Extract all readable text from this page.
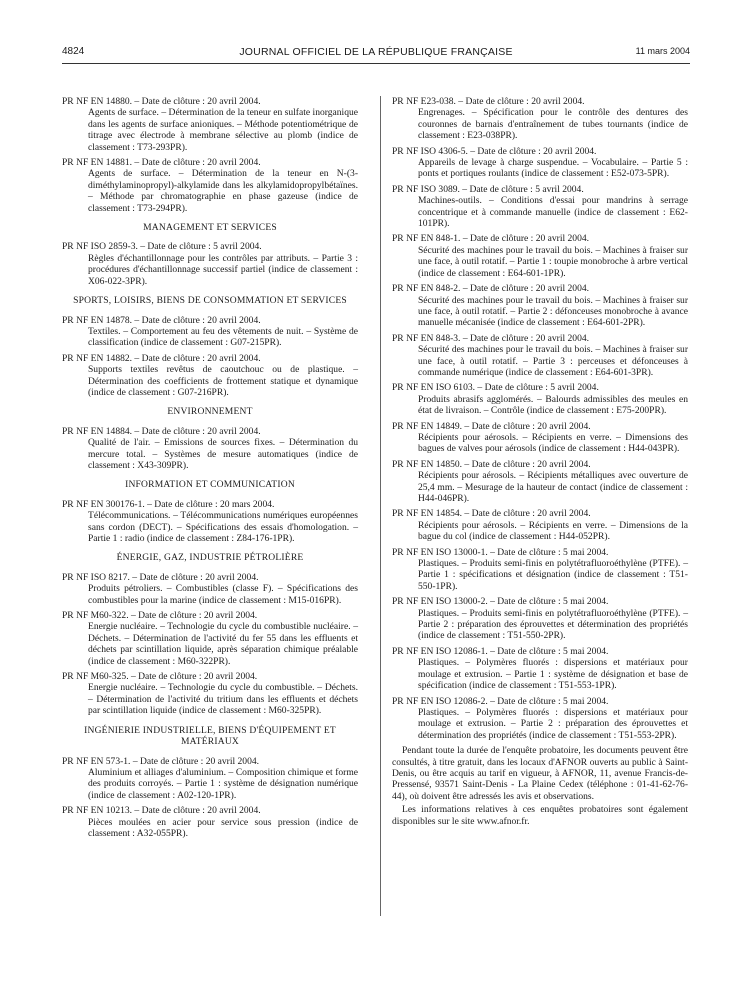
4824	JOURNAL OFFICIEL DE LA RÉPUBLIQUE FRANÇAISE	11 mars 2004
PR NF EN 14880. – Date de clôture : 20 avril 2004.
Agents de surface. – Détermination de la teneur en sulfate inorganique dans les agents de surface anioniques. – Méthode potentiométrique de titrage avec électrode à membrane sélective au plomb (indice de classement : T73-293PR).
PR NF EN 14881. – Date de clôture : 20 avril 2004.
Agents de surface. – Détermination de la teneur en N-(3-diméthylaminopropyl)-alkylamide dans les alkylamidopropylbétaïnes. – Méthode par chromatographie en phase gazeuse (indice de classement : T73-294PR).
MANAGEMENT ET SERVICES
PR NF ISO 2859-3. – Date de clôture : 5 avril 2004.
Règles d'échantillonnage pour les contrôles par attributs. – Partie 3 : procédures d'échantillonnage successif partiel (indice de classement : X06-022-3PR).
SPORTS, LOISIRS, BIENS DE CONSOMMATION ET SERVICES
PR NF EN 14878. – Date de clôture : 20 avril 2004.
Textiles. – Comportement au feu des vêtements de nuit. – Système de classification (indice de classement : G07-215PR).
PR NF EN 14882. – Date de clôture : 20 avril 2004.
Supports textiles revêtus de caoutchouc ou de plastique. – Détermination des coefficients de frottement statique et dynamique (indice de classement : G07-216PR).
ENVIRONNEMENT
PR NF EN 14884. – Date de clôture : 20 avril 2004.
Qualité de l'air. – Emissions de sources fixes. – Détermination du mercure total. – Systèmes de mesure automatiques (indice de classement : X43-309PR).
INFORMATION ET COMMUNICATION
PR NF EN 300176-1. – Date de clôture : 20 mars 2004.
Télécommunications. – Télécommunications numériques européennes sans cordon (DECT). – Spécifications des essais d'homologation. – Partie 1 : radio (indice de classement : Z84-176-1PR).
ÉNERGIE, GAZ, INDUSTRIE PÉTROLIÈRE
PR NF ISO 8217. – Date de clôture : 20 avril 2004.
Produits pétroliers. – Combustibles (classe F). – Spécifications des combustibles pour la marine (indice de classement : M15-016PR).
PR NF M60-322. – Date de clôture : 20 avril 2004.
Energie nucléaire. – Technologie du cycle du combustible nucléaire. – Déchets. – Détermination de l'activité du fer 55 dans les effluents et déchets par scintillation liquide, après séparation chimique préalable (indice de classement : M60-322PR).
PR NF M60-325. – Date de clôture : 20 avril 2004.
Energie nucléaire. – Technologie du cycle du combustible. – Déchets. – Détermination de l'activité du tritium dans les effluents et déchets par scintillation liquide (indice de classement : M60-325PR).
INGÉNIERIE INDUSTRIELLE, BIENS D'ÉQUIPEMENT ET MATÉRIAUX
PR NF EN 573-1. – Date de clôture : 20 avril 2004.
Aluminium et alliages d'aluminium. – Composition chimique et forme des produits corroyés. – Partie 1 : système de désignation numérique (indice de classement : A02-120-1PR).
PR NF EN 10213. – Date de clôture : 20 avril 2004.
Pièces moulées en acier pour service sous pression (indice de classement : A32-055PR).
PR NF E23-038. – Date de clôture : 20 avril 2004.
Engrenages. – Spécification pour le contrôle des dentures des couronnes de barnais d'entraînement de tubes tournants (indice de classement : E23-038PR).
PR NF ISO 4306-5. – Date de clôture : 20 avril 2004.
Appareils de levage à charge suspendue. – Vocabulaire. – Partie 5 : ponts et portiques roulants (indice de classement : E52-073-5PR).
PR NF ISO 3089. – Date de clôture : 5 avril 2004.
Machines-outils. – Conditions d'essai pour mandrins à serrage concentrique et à commande manuelle (indice de classement : E62-101PR).
PR NF EN 848-1. – Date de clôture : 20 avril 2004.
Sécurité des machines pour le travail du bois. – Machines à fraiser sur une face, à outil rotatif. – Partie 1 : toupie monobroche à arbre vertical (indice de classement : E64-601-1PR).
PR NF EN 848-2. – Date de clôture : 20 avril 2004.
Sécurité des machines pour le travail du bois. – Machines à fraiser sur une face, à outil rotatif. – Partie 2 : défonceuses monobroche à avance manuelle mécanisée (indice de classement : E64-601-2PR).
PR NF EN 848-3. – Date de clôture : 20 avril 2004.
Sécurité des machines pour le travail du bois. – Machines à fraiser sur une face, à outil rotatif. – Partie 3 : perceuses et défonceuses à commande numérique (indice de classement : E64-601-3PR).
PR NF EN ISO 6103. – Date de clôture : 5 avril 2004.
Produits abrasifs agglomérés. – Balourds admissibles des meules en état de livraison. – Contrôle (indice de classement : E75-200PR).
PR NF EN 14849. – Date de clôture : 20 avril 2004.
Récipients pour aérosols. – Récipients en verre. – Dimensions des bagues de valves pour aérosols (indice de classement : H44-043PR).
PR NF EN 14850. – Date de clôture : 20 avril 2004.
Récipients pour aérosols. – Récipients métalliques avec ouverture de 25,4 mm. – Mesurage de la hauteur de contact (indice de classement : H44-046PR).
PR NF EN 14854. – Date de clôture : 20 avril 2004.
Récipients pour aérosols. – Récipients en verre. – Dimensions de la bague du col (indice de classement : H44-052PR).
PR NF EN ISO 13000-1. – Date de clôture : 5 mai 2004.
Plastiques. – Produits semi-finis en polytétrafluoroéthylène (PTFE). – Partie 1 : spécifications et désignation (indice de classement : T51-550-1PR).
PR NF EN ISO 13000-2. – Date de clôture : 5 mai 2004.
Plastiques. – Produits semi-finis en polytétrafluoroéthylène (PTFE). – Partie 2 : préparation des éprouvettes et détermination des propriétés (indice de classement : T51-550-2PR).
PR NF EN ISO 12086-1. – Date de clôture : 5 mai 2004.
Plastiques. – Polymères fluorés : dispersions et matériaux pour moulage et extrusion. – Partie 1 : système de désignation et base de spécification (indice de classement : T51-553-1PR).
PR NF EN ISO 12086-2. – Date de clôture : 5 mai 2004.
Plastiques. – Polymères fluorés : dispersions et matériaux pour moulage et extrusion. – Partie 2 : préparation des éprouvettes et détermination des propriétés (indice de classement : T51-553-2PR).
Pendant toute la durée de l'enquête probatoire, les documents peuvent être consultés, à titre gratuit, dans les locaux d'AFNOR ouverts au public à Saint-Denis, ou être acquis au tarif en vigueur, à AFNOR, 11, avenue Francis-de-Pressensé, 93571 Saint-Denis - La Plaine Cedex (téléphone : 01-41-62-76-44), où doivent être adressés les avis et observations.
Les informations relatives à ces enquêtes probatoires sont également disponibles sur le site www.afnor.fr.
